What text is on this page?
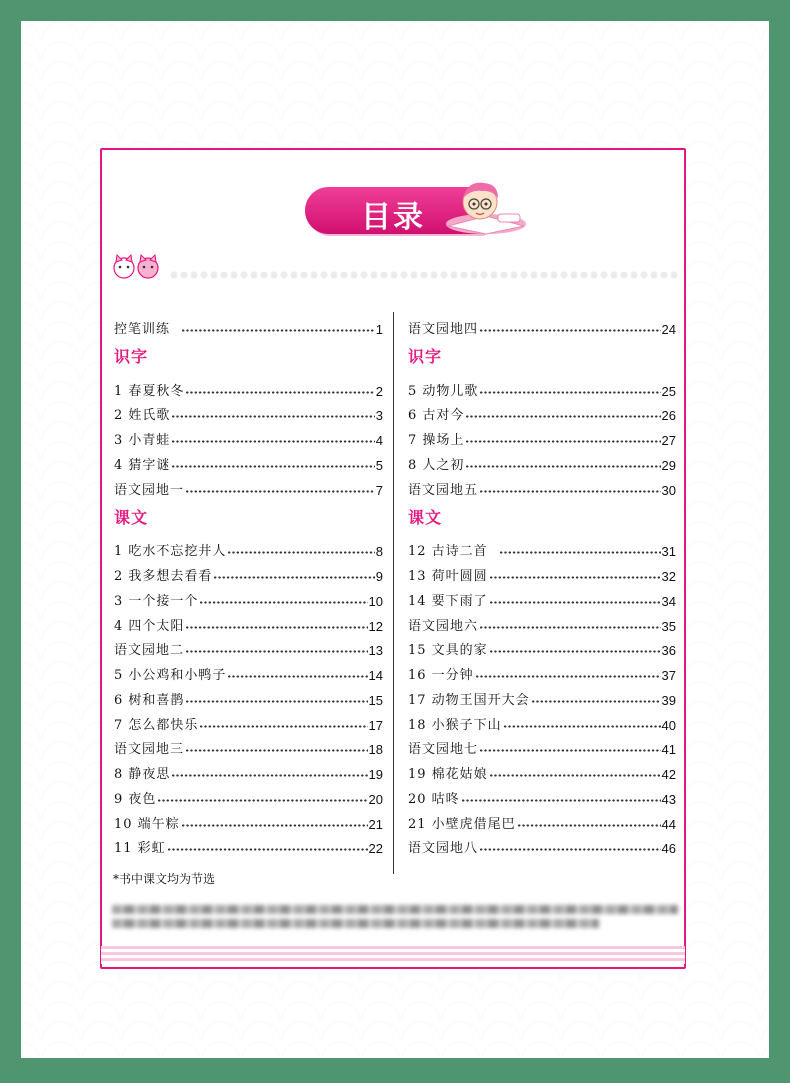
目录
控笔训练	1
识字
1 春夏秋冬	2
2 姓氏歌	3
3 小青蛙	4
4 猜字谜	5
语文园地一	7
课文
1 吃水不忘挖井人	8
2 我多想去看看	9
3 一个接一个	10
4 四个太阳	12
语文园地二	13
5 小公鸡和小鸭子	14
6 树和喜鹊	15
7 怎么都快乐	17
语文园地三	18
8 静夜思	19
9 夜色	20
10 端午粽	21
11 彩虹	22
语文园地四	24
识字
5 动物儿歌	25
6 古对今	26
7 操场上	27
8 人之初	29
语文园地五	30
课文
12 古诗二首	31
13 荷叶圆圆	32
14 要下雨了	34
语文园地六	35
15 文具的家	36
16 一分钟	37
17 动物王国开大会	39
18 小猴子下山	40
语文园地七	41
19 棉花姑娘	42
20 咕咚	43
21 小壁虎借尾巴	44
语文园地八	46
*书中课文均为节选
